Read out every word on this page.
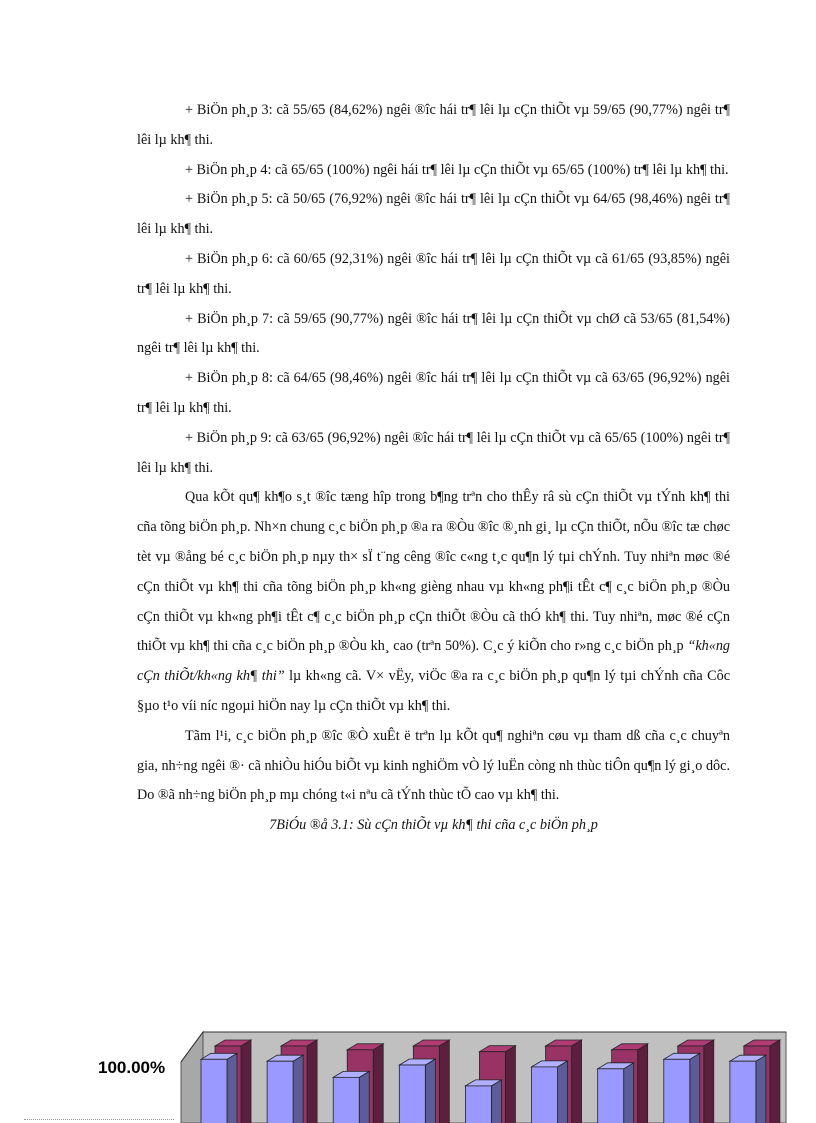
+ BiÖn ph¸p 3: cã 55/65 (84,62%) ngêi ®îc hái tr¶ lêi lµ cÇn thiÕt vµ 59/65 (90,77%) ngêi tr¶ lêi lµ kh¶ thi.

+ BiÖn ph¸p 4: cã 65/65 (100%) ngêi hái tr¶ lêi lµ cÇn thiÕt vµ 65/65 (100%) tr¶ lêi lµ kh¶ thi.

+ BiÖn ph¸p 5: cã 50/65 (76,92%) ngêi ®îc hái tr¶ lêi lµ cÇn thiÕt vµ 64/65 (98,46%) ngêi tr¶ lêi lµ kh¶ thi.

+ BiÖn ph¸p 6: cã 60/65 (92,31%) ngêi ®îc hái tr¶ lêi lµ cÇn thiÕt vµ cã 61/65 (93,85%) ngêi tr¶ lêi lµ kh¶ thi.

+ BiÖn ph¸p 7: cã 59/65 (90,77%) ngêi ®îc hái tr¶ lêi lµ cÇn thiÕt vµ chØ cã 53/65 (81,54%) ngêi tr¶ lêi lµ kh¶ thi.

+ BiÖn ph¸p 8: cã 64/65 (98,46%) ngêi ®îc hái tr¶ lêi lµ cÇn thiÕt vµ cã 63/65 (96,92%) ngêi tr¶ lêi lµ kh¶ thi.

+ BiÖn ph¸p 9: cã 63/65 (96,92%) ngêi ®îc hái tr¶ lêi lµ cÇn thiÕt vµ cã 65/65 (100%) ngêi tr¶ lêi lµ kh¶ thi.

Qua kÕt qu¶ kh¶o s¸t ®îc tæng hîp trong b¶ng trªn cho thÊy râ sù cÇn thiÕt vµ tÝnh kh¶ thi cña tõng biÖn ph¸p. Nh×n chung c¸c biÖn ph¸p ®a ra ®Òu ®îc ®¸nh gi¸ lµ cÇn thiÕt, nÕu ®îc tæ chøc tèt vµ ®ång bé c¸c biÖn ph¸p nµy th× sÏ t¨ng cêng ®îc c«ng t¸c qu¶n lý tµi chÝnh. Tuy nhiªn møc ®é cÇn thiÕt vµ kh¶ thi cña tõng biÖn ph¸p kh«ng gièng nhau vµ kh«ng ph¶i tÊt c¶ c¸c biÖn ph¸p ®Òu cÇn thiÕt vµ kh«ng ph¶i tÊt c¶ c¸c biÖn ph¸p cÇn thiÕt ®Òu cã thÓ kh¶ thi. Tuy nhiªn, møc ®é cÇn thiÕt vµ kh¶ thi cña c¸c biÖn ph¸p ®Òu kh¸ cao (trªn 50%). C¸c ý kiÕn cho r»ng c¸c biÖn ph¸p “kh«ng cÇn thiÕt/kh«ng kh¶ thi” lµ kh«ng cã. V× vËy, viÖc ®a ra c¸c biÖn ph¸p qu¶n lý tµi chÝnh cña Côc §µo t¹o víi níc ngoµi hiÖn nay lµ cÇn thiÕt vµ kh¶ thi.

Tãm l¹i, c¸c biÖn ph¸p ®îc ®Ò xuÊt ë trªn lµ kÕt qu¶ nghiªn cøu vµ tham dß cña c¸c chuyªn gia, nh÷ng ngêi ®· cã nhiÒu hiÓu biÕt vµ kinh nghiÖm vÒ lý luËn còng nh thùc tiÔn qu¶n lý gi¸o dôc. Do ®ã nh÷ng biÖn ph¸p mµ chóng t«i nªu cã tÝnh thùc tÕ cao vµ kh¶ thi.

7BiÓu ®å 3.1: Sù cÇn thiÕt vµ kh¶ thi cña c¸c biÖn ph¸p

100.00%
